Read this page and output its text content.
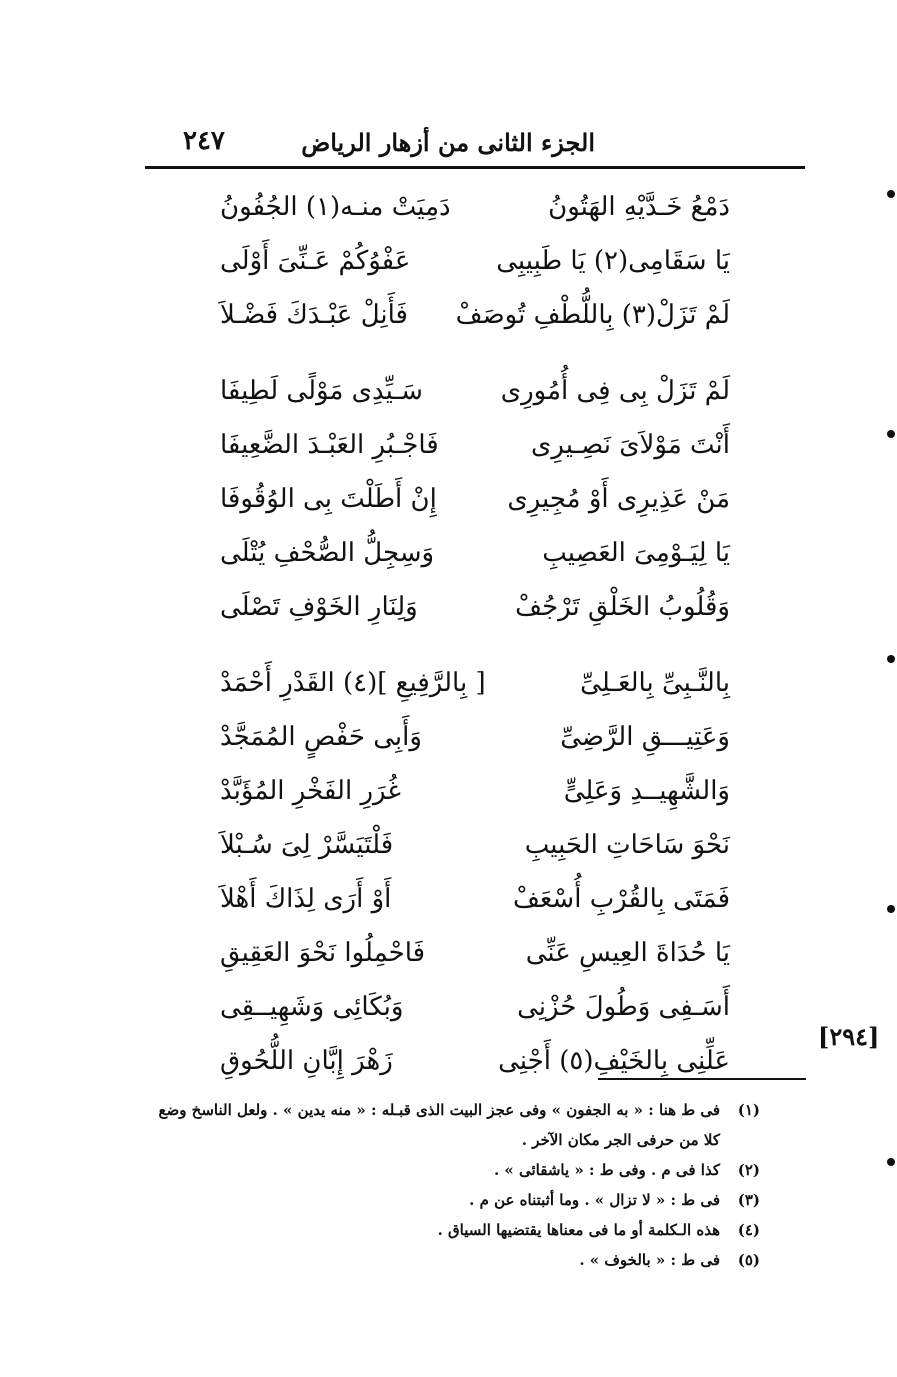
الجزء الثانى من أزهار الرياض
٢٤٧
دَمْعُ خَـدَّيْهِ الهَتُونُ
دَمِيَتْ منـه(١) الجُفُونُ
يَا سَقَامِى(٢) يَا طَبِيبِى
عَفْوُكُمْ عَـنِّىَ أَوْلَى
لَمْ تَزَلْ(٣) بِاللُّطْفِ تُوصَفْ
فَأَنِلْ عَبْـدَكَ فَضْـلاَ
لَمْ تَزَلْ بِى فِى أُمُورِى
سَـيِّدِى مَوْلًى لَطِيفَا
أَنْتَ مَوْلاَىَ نَصِـيرِى
فَاجْـبُرِ العَبْـدَ الضَّعِيفَا
مَنْ عَذِيرِى أَوْ مُجِيرِى
إِنْ أَطَلْتَ بِى الوُقُوفَا
يَا لِيَـوْمِىَ العَصِيبِ
وَسِجِلُّ الصُّحْفِ يُتْلَى
وَقُلُوبُ الخَلْقِ تَرْجُفْ
وَلِنَارِ الخَوْفِ تَصْلَى
بِالنَّـبِىِّ بِالعَـلِىِّ
[ بِالرَّفِيعِ ](٤) القَدْرِ أَحْمَدْ
وَعَتِيـــقِ الرَّضِىِّ
وَأَبِى حَفْصٍ المُمَجَّدْ
وَالشَّهِيــدِ وَعَلِىٍّ
غُرَرِ الفَخْرِ المُؤَبَّدْ
نَحْوَ سَاحَاتِ الحَبِيبِ
فَلْتَيَسَّرْ لِىَ سُـبْلاَ
فَمَتَى بِالقُرْبِ أُسْعَفْ
أَوْ أَرَى لِذَاكَ أَهْلاَ
يَا حُدَاةَ العِيسِ عَنِّى
فَاحْمِلُوا نَحْوَ العَقِيقِ
أَسَـفِى وَطُولَ حُزْنِى
وَبُكَائِى وَشَهِيــقِى
عَلِّنِى بِالخَيْفِ(٥) أَجْنِى
زَهْرَ إِبَّانِ اللُّحُوقِ
[٢٩٤]
(١)
فى ط هنا : « به الجفون » وفى عجز البيت الذى قبـله : « منه يدين » . ولعل الناسخ وضع كلا من حرفى الجر مكان الآخر .
(٢)
كذا فى م . وفى ط : « ياشقائى » .
(٣)
فى ط : « لا تزال » . وما أثبتناه عن م .
(٤)
هذه الـكلمة أو ما فى معناها يقتضيها السياق .
(٥)
فى ط : « بالخوف » .
